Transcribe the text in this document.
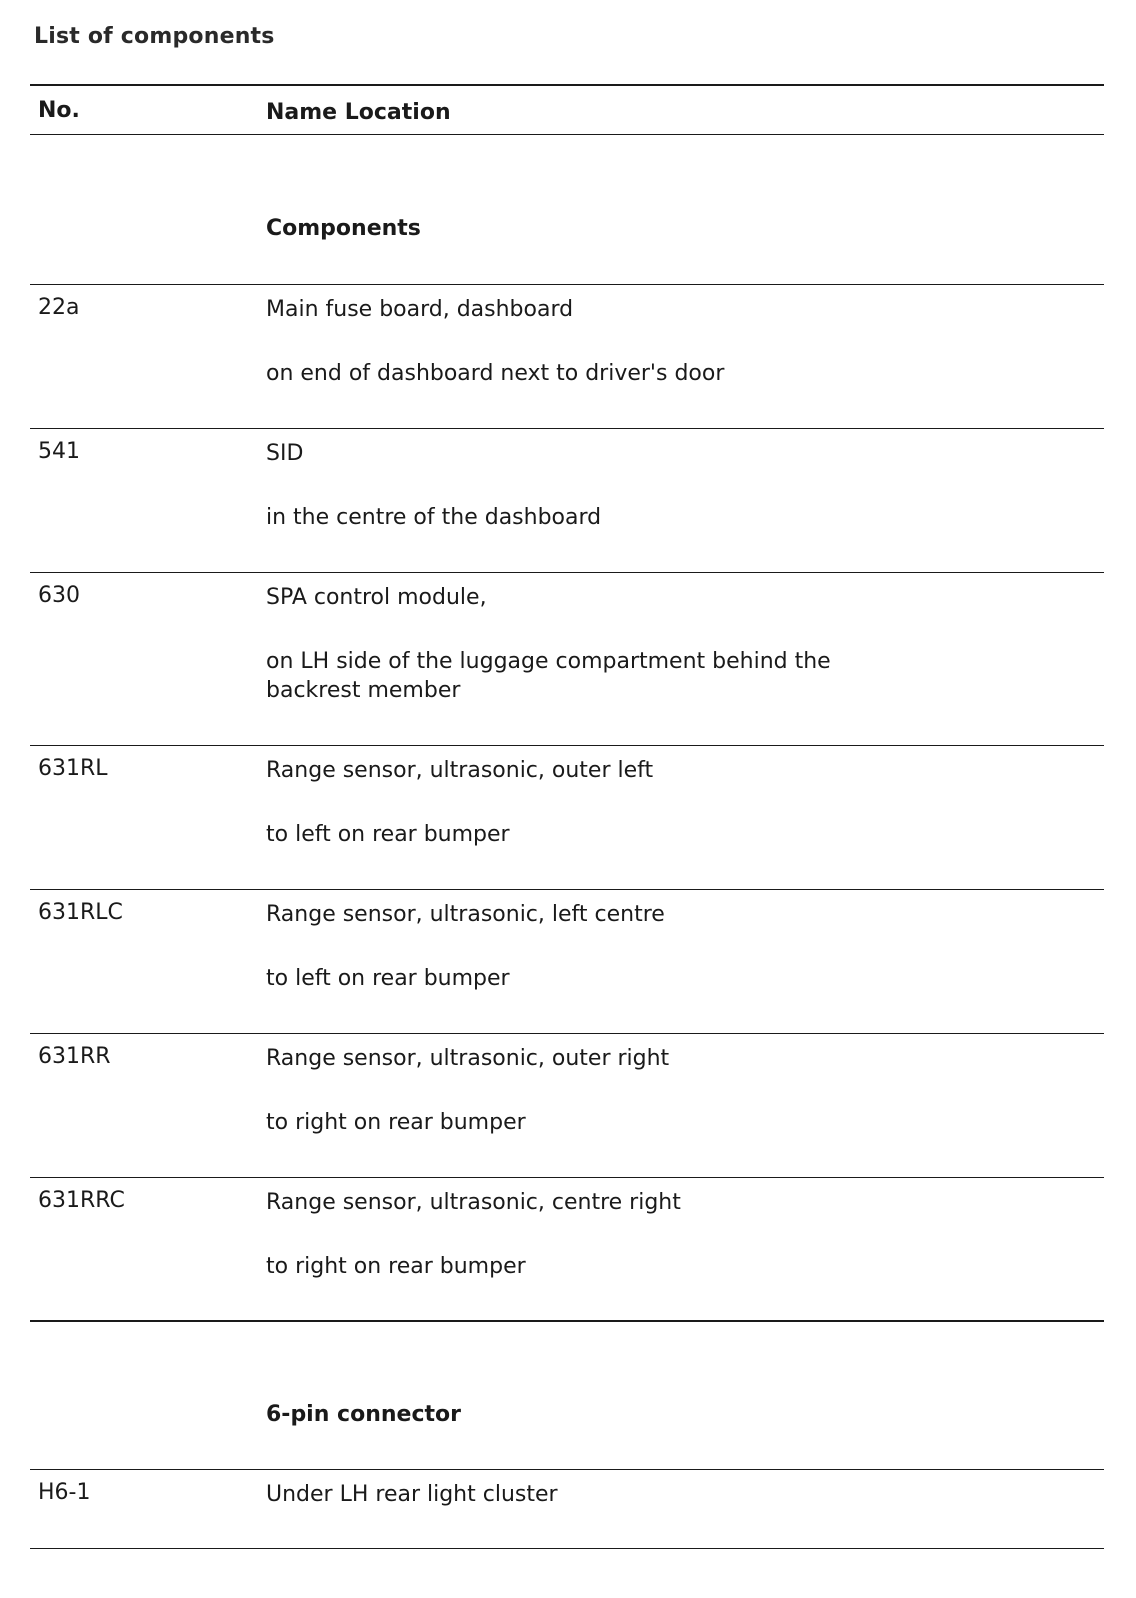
List of components
No.	Name Location
Components
22a	Main fuse board, dashboard
on end of dashboard next to driver's door
541	SID
in the centre of the dashboard
630	SPA control module,
on LH side of the luggage compartment behind the backrest member
631RL	Range sensor, ultrasonic, outer left
to left on rear bumper
631RLC	Range sensor, ultrasonic, left centre
to left on rear bumper
631RR	Range sensor, ultrasonic, outer right
to right on rear bumper
631RRC	Range sensor, ultrasonic, centre right
to right on rear bumper
6-pin connector
H6-1	Under LH rear light cluster
